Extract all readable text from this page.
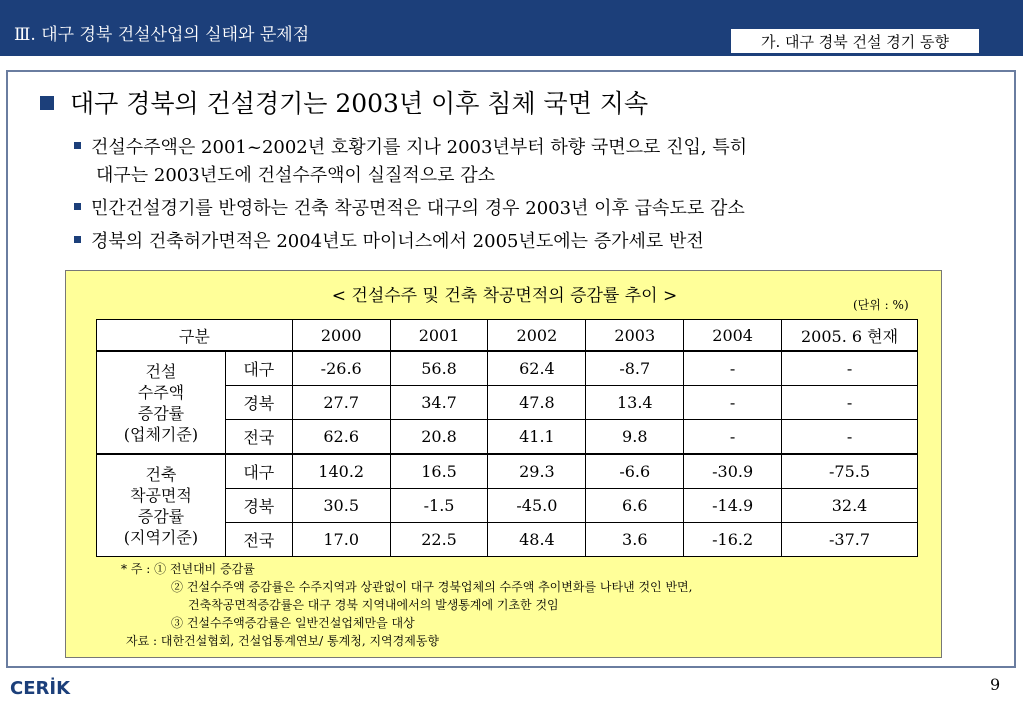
Ⅲ. 대구 경북 건설산업의 실태와 문제점	가. 대구 경북 건설 경기 동향
대구 경북의 건설경기는 2003년 이후 침체 국면 지속
건설수주액은 2001~2002년 호황기를 지나 2003년부터 하향 국면으로 진입, 특히
대구는 2003년도에 건설수주액이 실질적으로 감소
민간건설경기를 반영하는 건축 착공면적은 대구의 경우 2003년 이후 급속도로 감소
경북의 건축허가면적은 2004년도 마이너스에서 2005년도에는 증가세로 반전
< 건설수주 및 건축 착공면적의 증감률 추이 >	(단위 : %)
구분		2000	2001	2002	2003	2004	2005. 6 현재

건설
수주액
증감률
(업체기준)	대구	-26.6	56.8	62.4	-8.7	-	-
	경북	27.7	34.7	47.8	13.4	-	-
	전국	62.6	20.8	41.1	9.8	-	-

건축
착공면적
증감률
(지역기준)	대구	140.2	16.5	29.3	-6.6	-30.9	-75.5
	경북	30.5	-1.5	-45.0	6.6	-14.9	32.4
	전국	17.0	22.5	48.4	3.6	-16.2	-37.7
* 주 : ① 전년대비 증감률
② 건설수주액 증감률은 수주지역과 상관없이 대구 경북업체의 수주액 추이변화를 나타낸 것인 반면,
건축착공면적증감률은 대구 경북 지역내에서의 발생통계에 기초한 것임
③ 건설수주액증감률은 일반건설업체만을 대상
자료 : 대한건설협회, 건설업통계연보/ 통계청, 지역경제동향
CERİK	9
